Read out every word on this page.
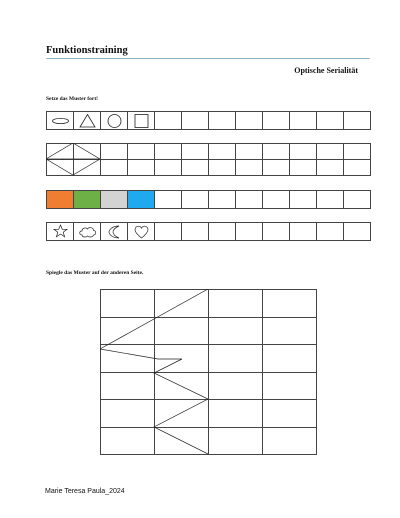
Funktionstraining
Optische Serialität
Setze das Muster fort!
Spiegle das Muster auf der anderen Seite.
Marie Teresa Paula_2024
